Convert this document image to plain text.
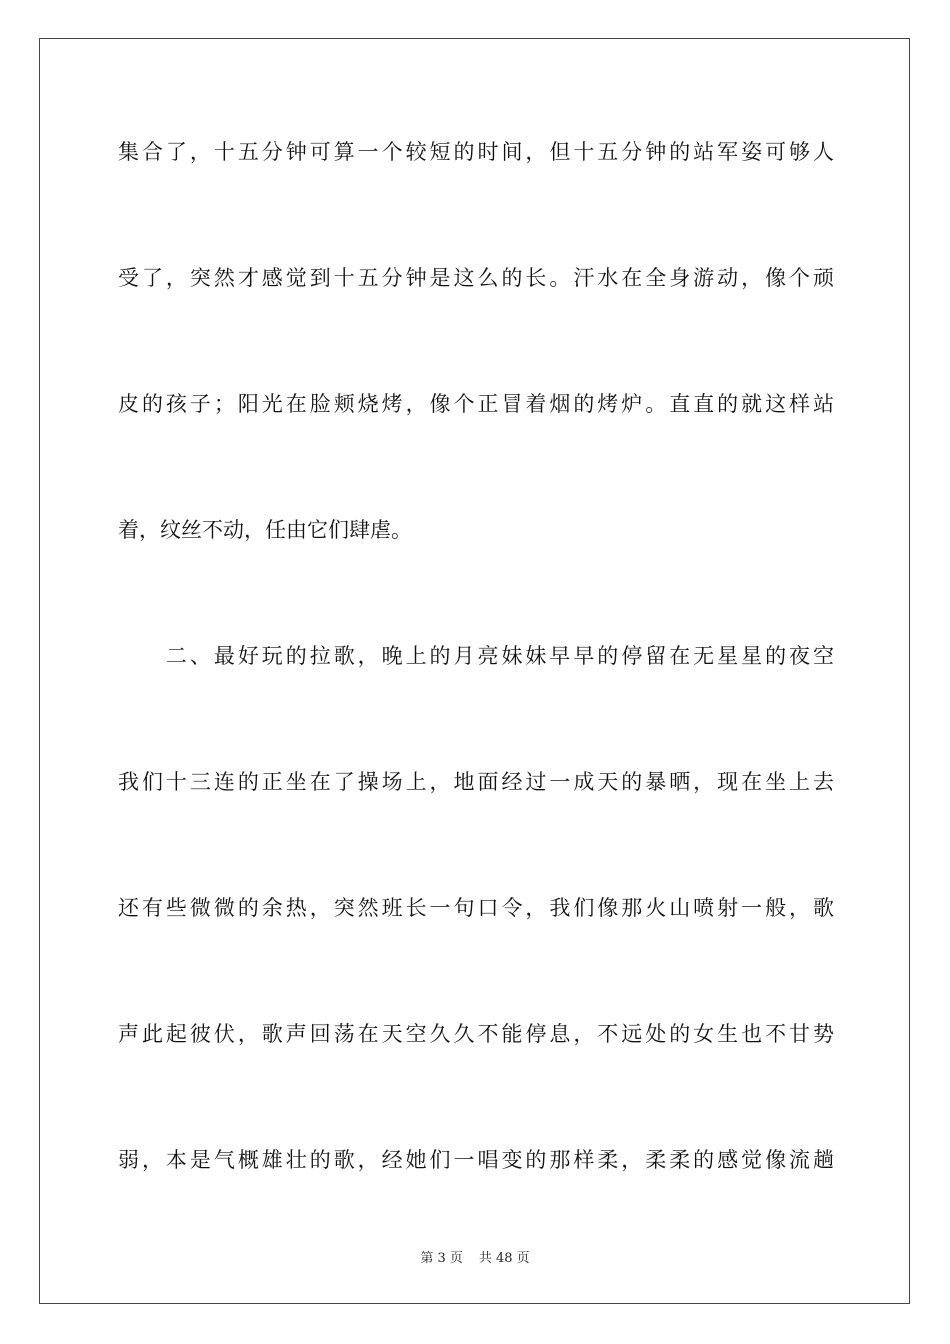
集合了，十五分钟可算一个较短的时间，但十五分钟的站军姿可够人
受了，突然才感觉到十五分钟是这么的长。汗水在全身游动，像个顽
皮的孩子；阳光在脸颊烧烤，像个正冒着烟的烤炉。直直的就这样站
着，纹丝不动，任由它们肆虐。
　　二、最好玩的拉歌，晚上的月亮妹妹早早的停留在无星星的夜空
我们十三连的正坐在了操场上，地面经过一成天的暴晒，现在坐上去
还有些微微的余热，突然班长一句口令，我们像那火山喷射一般，歌
声此起彼伏，歌声回荡在天空久久不能停息，不远处的女生也不甘势
弱，本是气概雄壮的歌，经她们一唱变的那样柔，柔柔的感觉像流趟
第 3 页 共 48 页
